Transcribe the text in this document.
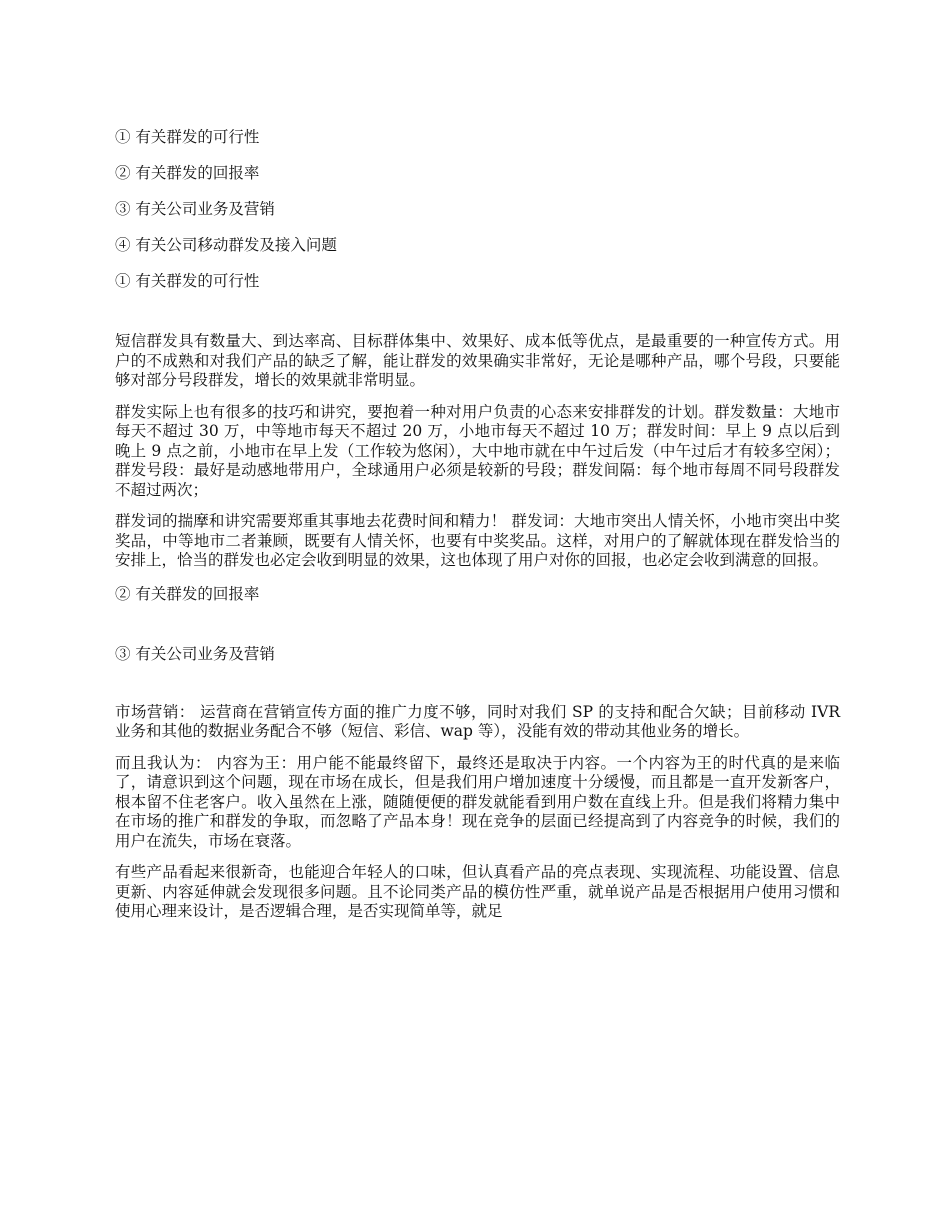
① 有关群发的可行性
② 有关群发的回报率
③ 有关公司业务及营销
④ 有关公司移动群发及接入问题
① 有关群发的可行性

短信群发具有数量大、到达率高、目标群体集中、效果好、成本低等优点，是最重要的一种宣传方式。用户的不成熟和对我们产品的缺乏了解，能让群发的效果确实非常好，无论是哪种产品，哪个号段，只要能够对部分号段群发，增长的效果就非常明显。

群发实际上也有很多的技巧和讲究，要抱着一种对用户负责的心态来安排群发的计划。群发数量：大地市每天不超过 30 万，中等地市每天不超过 20 万，小地市每天不超过 10 万；群发时间：早上 9 点以后到晚上 9 点之前，小地市在早上发（工作较为悠闲），大中地市就在中午过后发（中午过后才有较多空闲）；群发号段：最好是动感地带用户，全球通用户必须是较新的号段；群发间隔：每个地市每周不同号段群发不超过两次；

群发词的揣摩和讲究需要郑重其事地去花费时间和精力！ 群发词：大地市突出人情关怀，小地市突出中奖奖品，中等地市二者兼顾，既要有人情关怀，也要有中奖奖品。这样，对用户的了解就体现在群发恰当的安排上，恰当的群发也必定会收到明显的效果，这也体现了用户对你的回报，也必定会收到满意的回报。

② 有关群发的回报率
③ 有关公司业务及营销

市场营销： 运营商在营销宣传方面的推广力度不够，同时对我们 SP 的支持和配合欠缺；目前移动 IVR 业务和其他的数据业务配合不够（短信、彩信、wap 等），没能有效的带动其他业务的增长。

而且我认为： 内容为王：用户能不能最终留下，最终还是取决于内容。一个内容为王的时代真的是来临了，请意识到这个问题，现在市场在成长，但是我们用户增加速度十分缓慢，而且都是一直开发新客户，根本留不住老客户。收入虽然在上涨，随随便便的群发就能看到用户数在直线上升。但是我们将精力集中在市场的推广和群发的争取，而忽略了产品本身！现在竞争的层面已经提高到了内容竞争的时候，我们的用户在流失，市场在衰落。

有些产品看起来很新奇，也能迎合年轻人的口味，但认真看产品的亮点表现、实现流程、功能设置、信息更新、内容延伸就会发现很多问题。且不论同类产品的模仿性严重，就单说产品是否根据用户使用习惯和使用心理来设计，是否逻辑合理，是否实现简单等，就足
